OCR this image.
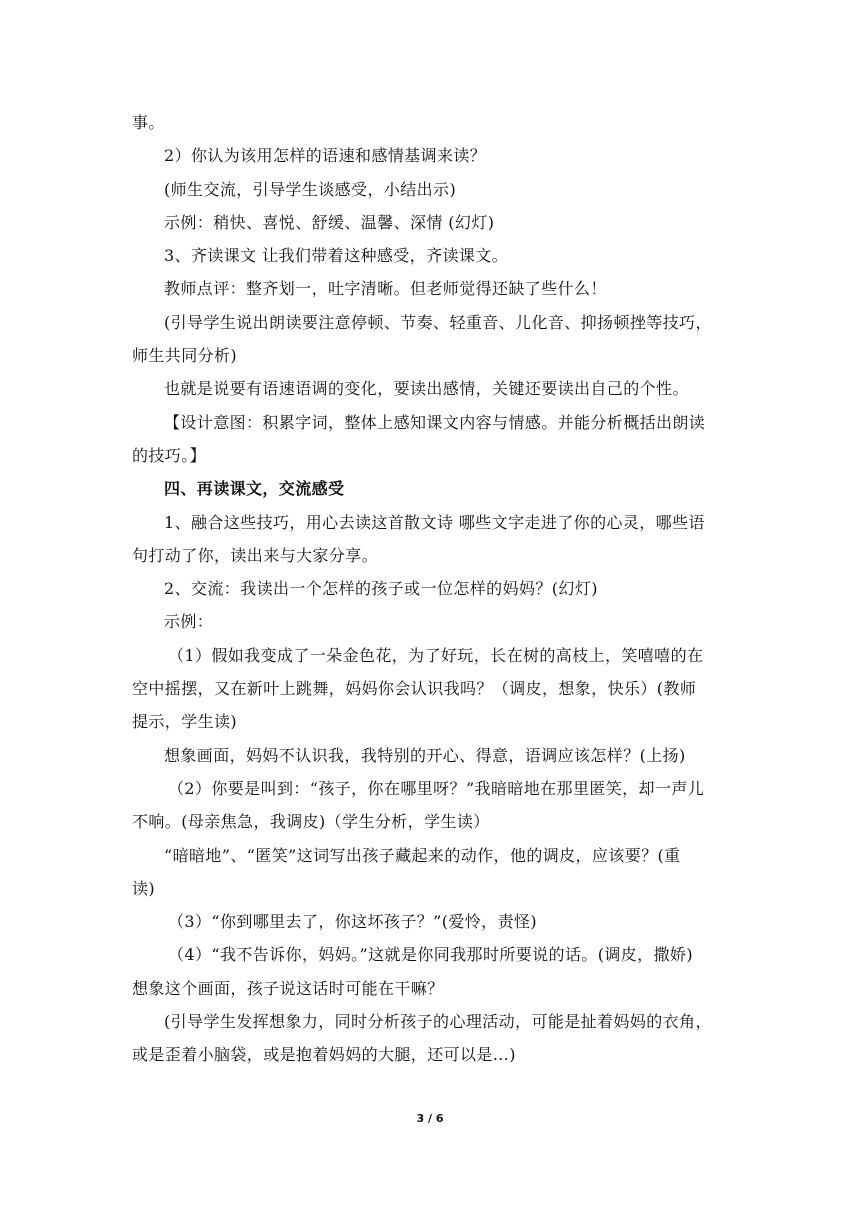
事。
2）你认为该用怎样的语速和感情基调来读？
(师生交流，引导学生谈感受，小结出示)
示例：稍快、喜悦、舒缓、温馨、深情 (幻灯)
3、齐读课文 让我们带着这种感受，齐读课文。
教师点评：整齐划一，吐字清晰。但老师觉得还缺了些什么！
(引导学生说出朗读要注意停顿、节奏、轻重音、儿化音、抑扬顿挫等技巧，
师生共同分析)
也就是说要有语速语调的变化，要读出感情，关键还要读出自己的个性。
【设计意图：积累字词，整体上感知课文内容与情感。并能分析概括出朗读
的技巧。】
四、再读课文，交流感受
1、融合这些技巧，用心去读这首散文诗 哪些文字走进了你的心灵，哪些语
句打动了你，读出来与大家分享。
2、交流：我读出一个怎样的孩子或一位怎样的妈妈？(幻灯)
示例：
（1）假如我变成了一朵金色花，为了好玩，长在树的高枝上，笑嘻嘻的在
空中摇摆，又在新叶上跳舞，妈妈你会认识我吗？（调皮，想象，快乐）(教师
提示，学生读)
想象画面，妈妈不认识我，我特别的开心、得意，语调应该怎样？(上扬)
（2）你要是叫到：“孩子，你在哪里呀？”我暗暗地在那里匿笑，却一声儿
不响。(母亲焦急，我调皮)（学生分析，学生读）
“暗暗地”、“匿笑”这词写出孩子藏起来的动作，他的调皮，应该要？(重
读)
（3）“你到哪里去了，你这坏孩子？”(爱怜，责怪)
（4）“我不告诉你，妈妈。”这就是你同我那时所要说的话。(调皮，撒娇)
想象这个画面，孩子说这话时可能在干嘛？
(引导学生发挥想象力，同时分析孩子的心理活动，可能是扯着妈妈的衣角，
或是歪着小脑袋，或是抱着妈妈的大腿，还可以是…)
3 / 6
